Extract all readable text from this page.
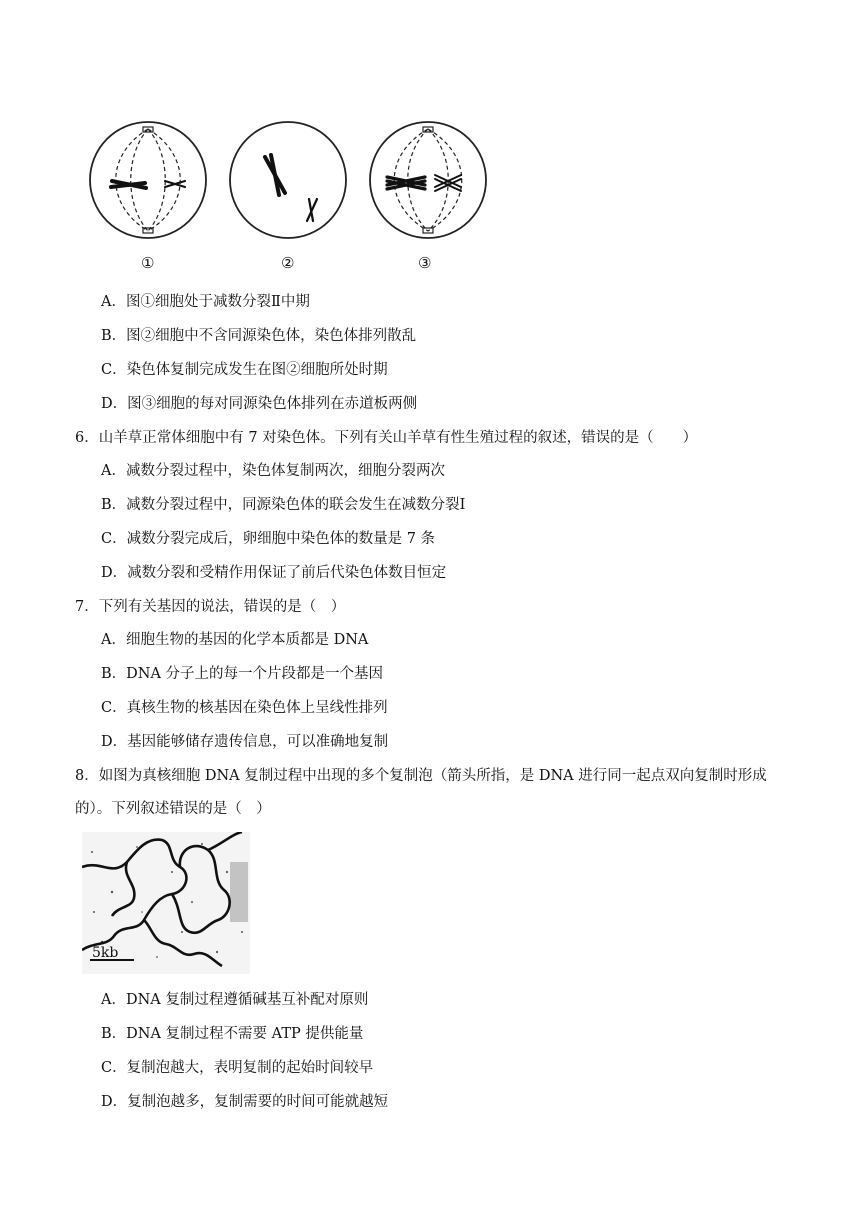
①	②	③
A．图①细胞处于减数分裂Ⅱ中期
B．图②细胞中不含同源染色体，染色体排列散乱
C．染色体复制完成发生在图②细胞所处时期
D．图③细胞的每对同源染色体排列在赤道板两侧
6．山羊草正常体细胞中有 7 对染色体。下列有关山羊草有性生殖过程的叙述，错误的是（　　）
A．减数分裂过程中，染色体复制两次，细胞分裂两次
B．减数分裂过程中，同源染色体的联会发生在减数分裂Ⅰ
C．减数分裂完成后，卵细胞中染色体的数量是 7 条
D．减数分裂和受精作用保证了前后代染色体数目恒定
7．下列有关基因的说法，错误的是（　）
A．细胞生物的基因的化学本质都是 DNA
B．DNA 分子上的每一个片段都是一个基因
C．真核生物的核基因在染色体上呈线性排列
D．基因能够储存遗传信息，可以准确地复制
8．如图为真核细胞 DNA 复制过程中出现的多个复制泡（箭头所指，是 DNA 进行同一起点双向复制时形成
的）。下列叙述错误的是（　）
5kb
A．DNA 复制过程遵循碱基互补配对原则
B．DNA 复制过程不需要 ATP 提供能量
C．复制泡越大，表明复制的起始时间较早
D．复制泡越多，复制需要的时间可能就越短
